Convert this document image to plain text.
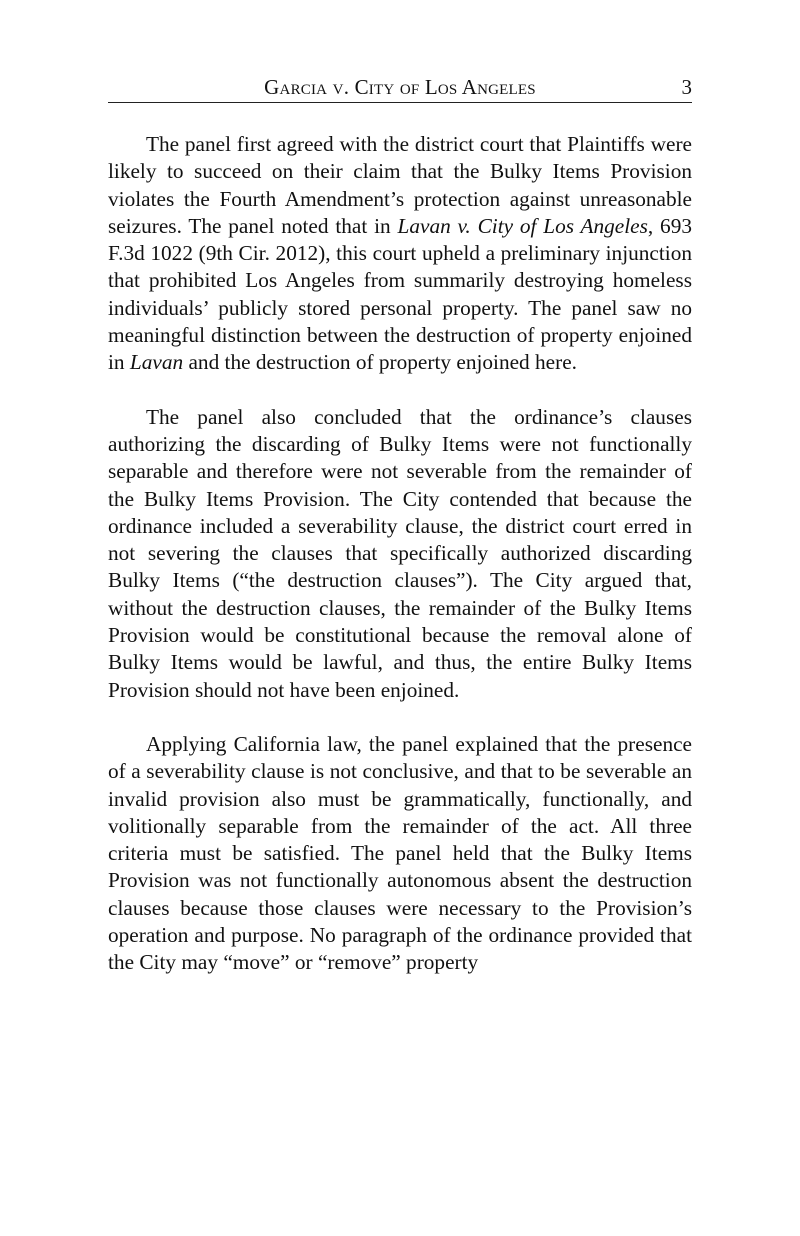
Garcia v. City of Los Angeles	3

The panel first agreed with the district court that Plaintiffs were likely to succeed on their claim that the Bulky Items Provision violates the Fourth Amendment’s protection against unreasonable seizures. The panel noted that in Lavan v. City of Los Angeles, 693 F.3d 1022 (9th Cir. 2012), this court upheld a preliminary injunction that prohibited Los Angeles from summarily destroying homeless individuals’ publicly stored personal property. The panel saw no meaningful distinction between the destruction of property enjoined in Lavan and the destruction of property enjoined here.

The panel also concluded that the ordinance’s clauses authorizing the discarding of Bulky Items were not functionally separable and therefore were not severable from the remainder of the Bulky Items Provision. The City contended that because the ordinance included a severability clause, the district court erred in not severing the clauses that specifically authorized discarding Bulky Items (“the destruction clauses”). The City argued that, without the destruction clauses, the remainder of the Bulky Items Provision would be constitutional because the removal alone of Bulky Items would be lawful, and thus, the entire Bulky Items Provision should not have been enjoined.

Applying California law, the panel explained that the presence of a severability clause is not conclusive, and that to be severable an invalid provision also must be grammatically, functionally, and volitionally separable from the remainder of the act. All three criteria must be satisfied. The panel held that the Bulky Items Provision was not functionally autonomous absent the destruction clauses because those clauses were necessary to the Provision’s operation and purpose. No paragraph of the ordinance provided that the City may “move” or “remove” property
